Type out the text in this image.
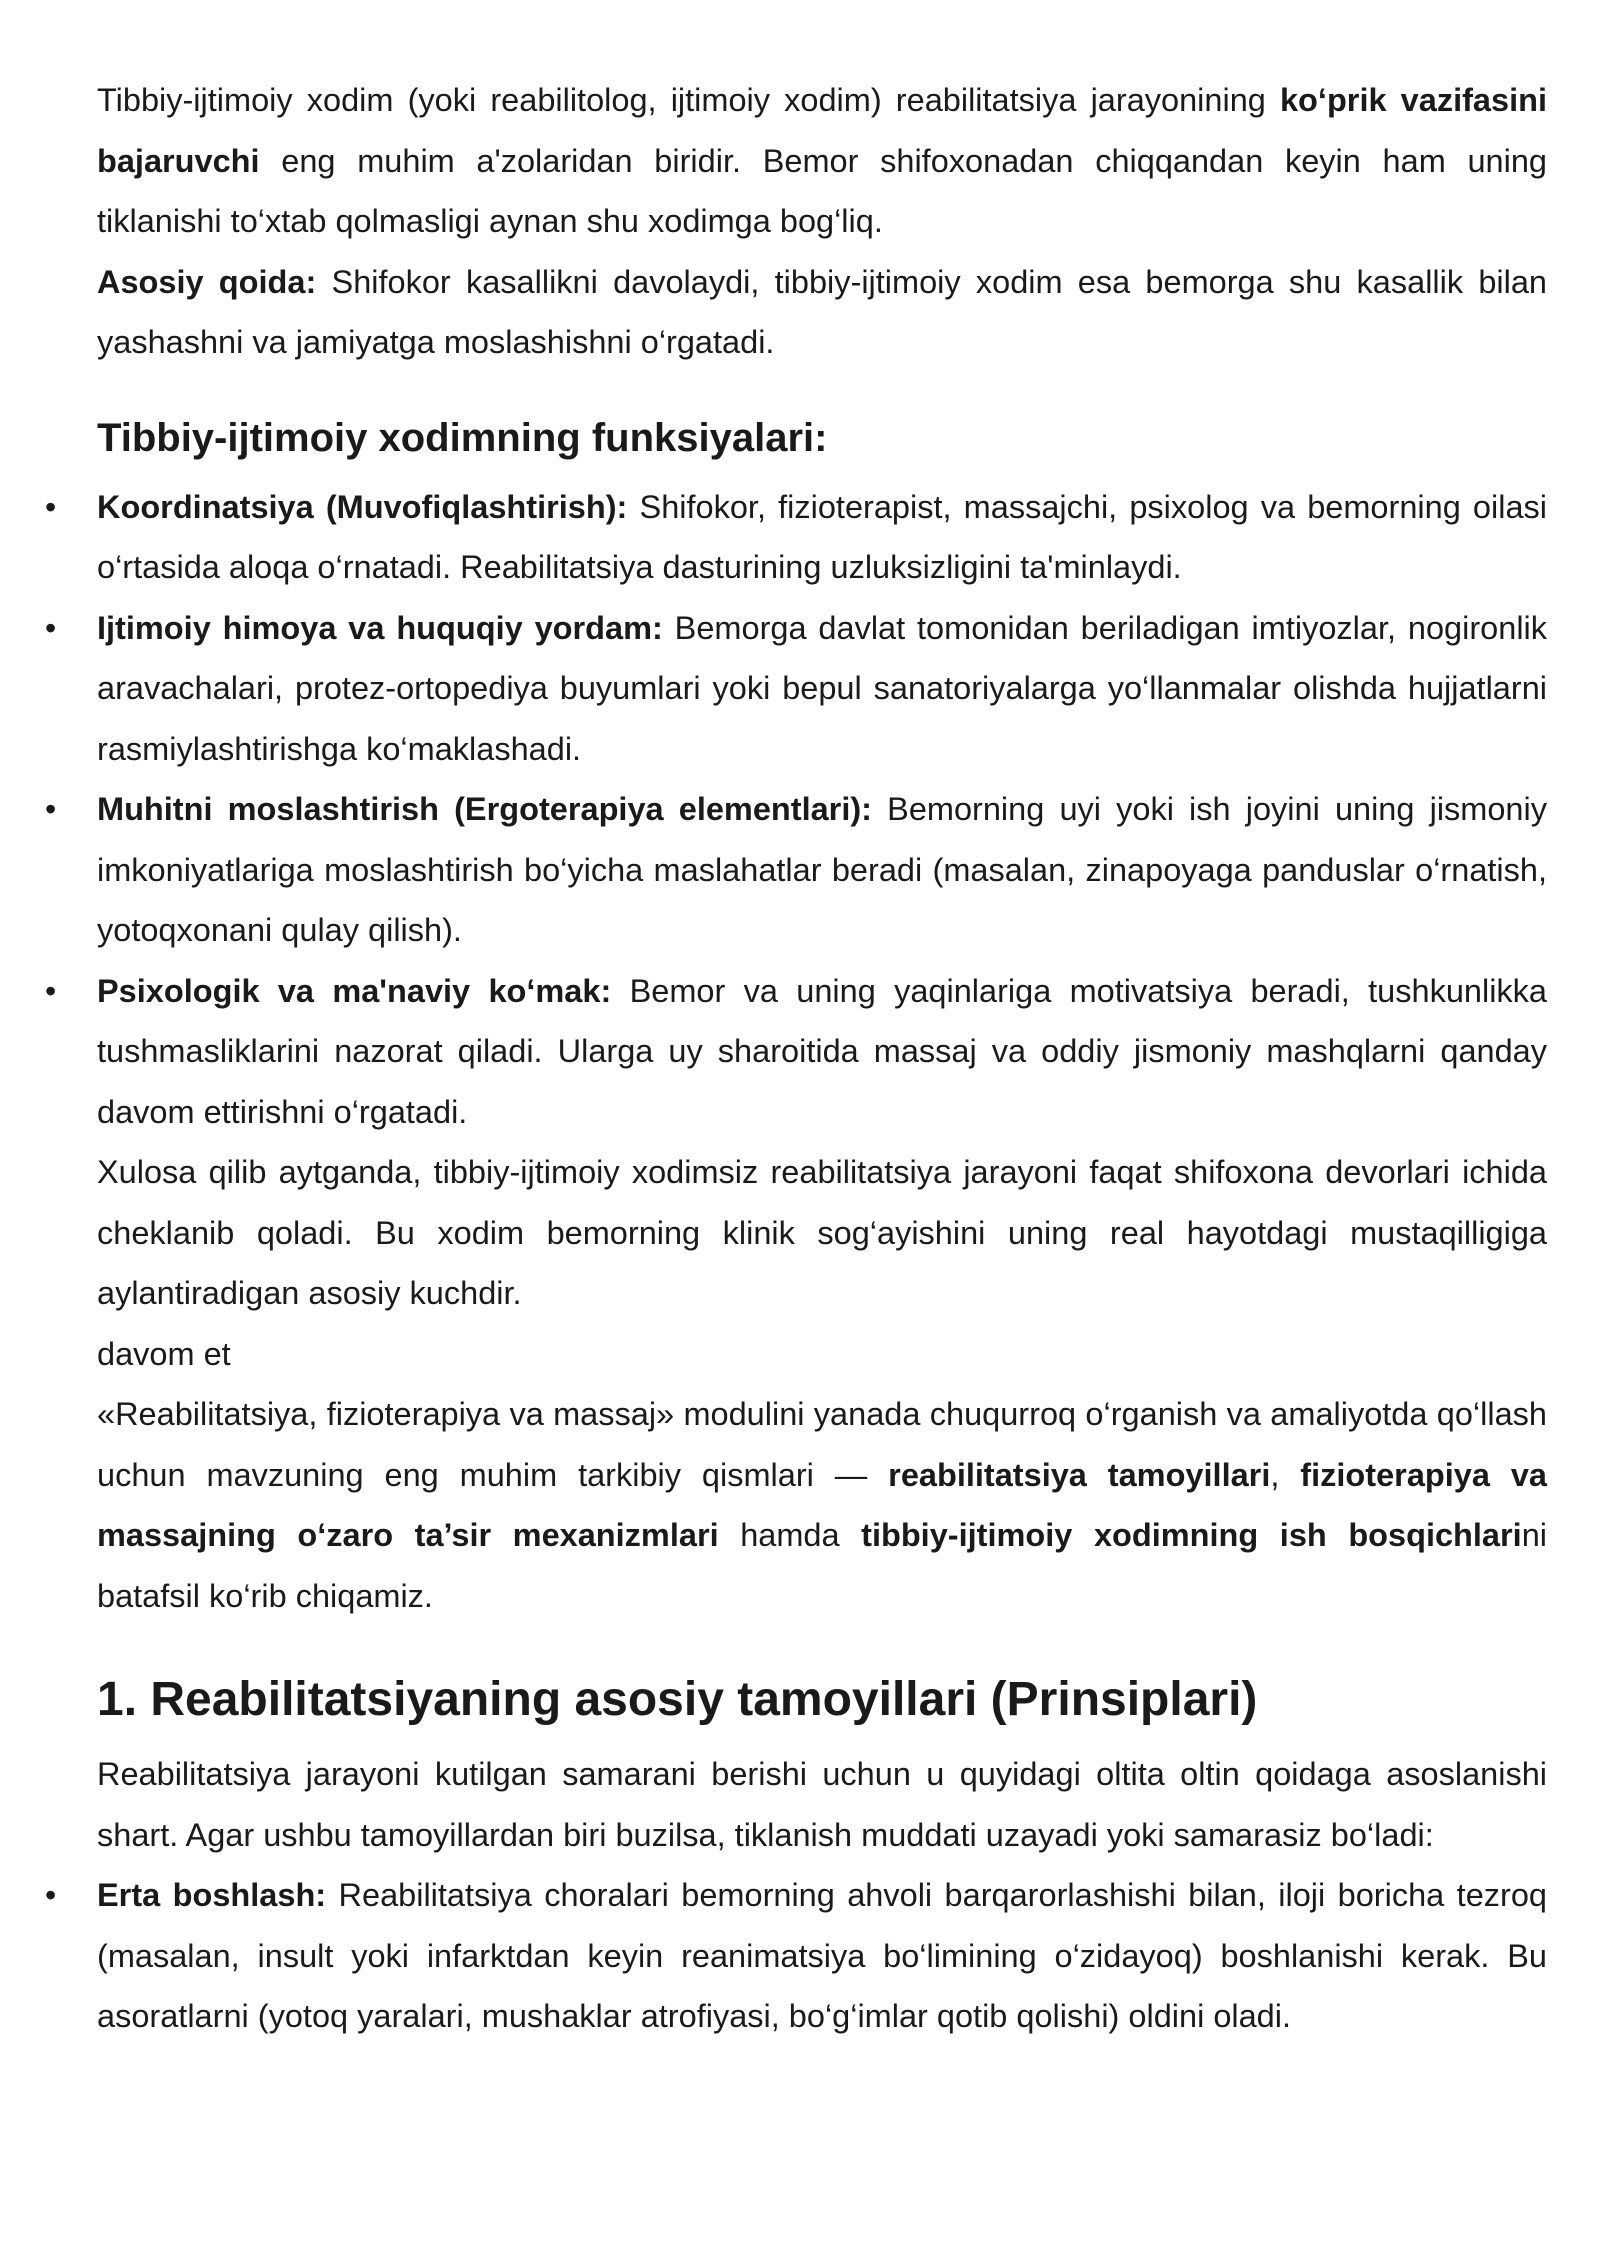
Tibbiy-ijtimoiy xodim (yoki reabilitolog, ijtimoiy xodim) reabilitatsiya jarayonining ko‘prik vazifasini bajaruvchi eng muhim a'zolaridan biridir. Bemor shifoxonadan chiqqandan keyin ham uning tiklanishi to‘xtab qolmasligi aynan shu xodimga bog‘liq.

Asosiy qoida: Shifokor kasallikni davolaydi, tibbiy-ijtimoiy xodim esa bemorga shu kasallik bilan yashashni va jamiyatga moslashishni o‘rgatadi.

Tibbiy-ijtimoiy xodimning funksiyalari:
• Koordinatsiya (Muvofiqlashtirish): Shifokor, fizioterapist, massajchi, psixolog va bemorning oilasi o‘rtasida aloqa o‘rnatadi. Reabilitatsiya dasturining uzluksizligini ta'minlaydi.

• Ijtimoiy himoya va huquqiy yordam: Bemorga davlat tomonidan beriladigan imtiyozlar, nogironlik aravachalari, protez-ortopediya buyumlari yoki bepul sanatoriyalarga yo‘llanmalar olishda hujjatlarni rasmiylashtirishga ko‘maklashadi.

• Muhitni moslashtirish (Ergoterapiya elementlari): Bemorning uyi yoki ish joyini uning jismoniy imkoniyatlariga moslashtirish bo‘yicha maslahatlar beradi (masalan, zinapoyaga panduslar o‘rnatish, yotoqxonani qulay qilish).

• Psixologik va ma'naviy ko‘mak: Bemor va uning yaqinlariga motivatsiya beradi, tushkunlikka tushmasliklarini nazorat qiladi. Ularga uy sharoitida massaj va oddiy jismoniy mashqlarni qanday davom ettirishni o‘rgatadi.

Xulosa qilib aytganda, tibbiy-ijtimoiy xodimsiz reabilitatsiya jarayoni faqat shifoxona devorlari ichida cheklanib qoladi. Bu xodim bemorning klinik sog‘ayishini uning real hayotdagi mustaqilligiga aylantiradigan asosiy kuchdir.

davom et

«Reabilitatsiya, fizioterapiya va massaj» modulini yanada chuqurroq o‘rganish va amaliyotda qo‘llash uchun mavzuning eng muhim tarkibiy qismlari — reabilitatsiya tamoyillari, fizioterapiya va massajning o‘zaro ta’sir mexanizmlari hamda tibbiy-ijtimoiy xodimning ish bosqichlarini batafsil ko‘rib chiqamiz.

1. Reabilitatsiyaning asosiy tamoyillari (Prinsiplari)

Reabilitatsiya jarayoni kutilgan samarani berishi uchun u quyidagi oltita oltin qoidaga asoslanishi shart. Agar ushbu tamoyillardan biri buzilsa, tiklanish muddati uzayadi yoki samarasiz bo‘ladi:

• Erta boshlash: Reabilitatsiya choralari bemorning ahvoli barqarorlashishi bilan, iloji boricha tezroq (masalan, insult yoki infarktdan keyin reanimatsiya bo‘limining o‘zidayoq) boshlanishi kerak. Bu asoratlarni (yotoq yaralari, mushaklar atrofiyasi, bo‘g‘imlar qotib qolishi) oldini oladi.
